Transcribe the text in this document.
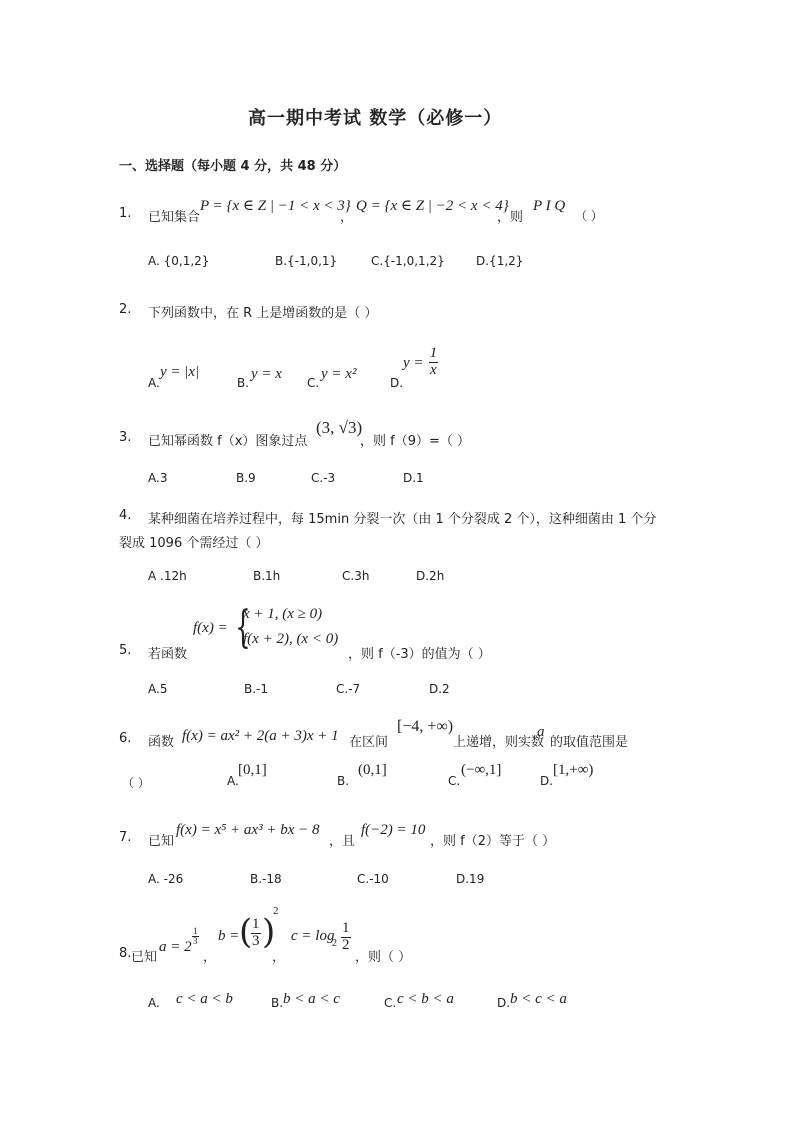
高一期中考试 数学（必修一）
一、选择题（每小题 4 分，共 48 分）
1. 已知集合
P = {x ∈ Z | −1 < x < 3}
，
Q = {x ∈ Z | −2 < x < 4}
，则
P I Q
（ ）
A. {0,1,2}	B.{-1,0,1}	C.{-1,0,1,2}	D.{1,2}
2. 下列函数中，在 R 上是增函数的是（ ）
A.
y = |x|
B.
y = x
C.
y = x²
D.
$y = \frac{1}{x}$
3. 已知幂函数 f（x）图象过点
(3, √3)
，则 f（9）=（ ）
A.3	B.9	C.-3	D.1
4. 某种细菌在培养过程中，每 15min 分裂一次（由 1 个分裂成 2 个），这种细菌由 1 个分
裂成 1096 个需经过（ ）
A .12h	B.1h	C.3h	D.2h
5. 若函数
f(x) = {
x + 1, (x ≥ 0)
f(x + 2), (x < 0)
，则 f（-3）的值为（ ）
A.5	B.-1	C.-7	D.2
6. 函数 f(x) = ax² + 2(a + 3)x + 1 在区间
[−4, +∞)
上递增，则实数
a
的取值范围是
（ ）	A.
[0,1]
B.
(0,1]
C.
(−∞,1]
D.
[1,+∞)
7. 已知
f(x) = x⁵ + ax³ + bx − 8
，且
f(−2) = 10
，则 f（2）等于（ ）
A. -26	B.-18	C.-10	D.19
8. 已知
a = 2
$\frac{1}{3}$
，
b = (
$\frac{1}{3}$ )
2
，
c = log
$2 \frac{1}{2}$
，则（ ）
A. c < a < b	B. b < a < c	C. c < b < a	D. b < c < a
